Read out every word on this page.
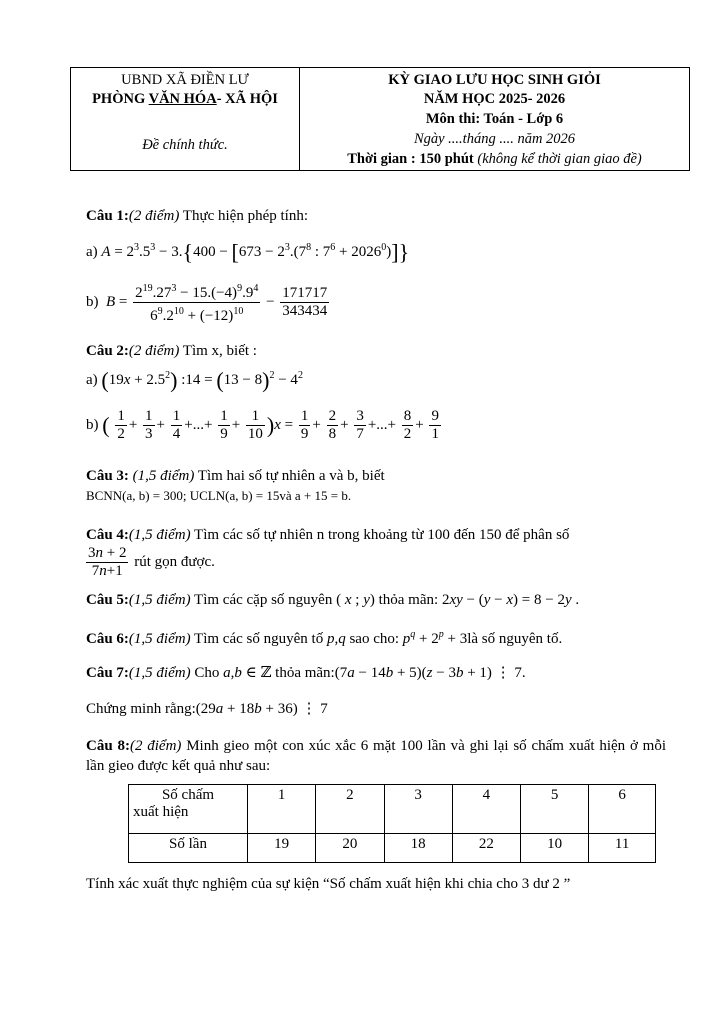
UBND XÃ ĐIỀN LƯ
PHÒNG VĂN HÓA- XÃ HỘI
Đề chính thức.
KỲ GIAO LƯU HỌC SINH GIỎI
NĂM HỌC 2025- 2026
Môn thi: Toán - Lớp 6
Ngày ....tháng .... năm 2026
Thời gian : 150 phút (không kể thời gian giao đề)
Câu 1:(2 điểm) Thực hiện phép tính:
a) $A = 2^3.5^3 - 3.\{400 - [673 - 2^3.(7^8$ : $7^6 + 2026^0$)]}
b)  $B = \frac{2^{19}.27^3 - 15.(-4)^9.9^4}{6^9.2^{10} + (-12)^{10}} - \frac{171717}{343434}$
Câu 2:(2 điểm) Tìm x, biết :
a) $(19x + 2.5^2)$ :14 = $(13 - 8)^2 - 4^2$
b) ( $\frac{1}{2} + \frac{1}{3} + \frac{1}{4}$ +...+ $\frac{1}{9} + \frac{1}{10} )x = \frac{1}{9} + \frac{2}{8} + \frac{3}{7}$ +...+ $\frac{8}{2} + \frac{9}{1}$
Câu 3: (1,5 điểm) Tìm hai số tự nhiên a và b, biết
BCNN(a, b) = 300; UCLN(a, b) = 15và a + 15 = b.
Câu 4:(1,5 điểm) Tìm các số tự nhiên n trong khoảng từ 100 đến 150 để phân số
$\frac{3n + 2}{7n+1}$ rút gọn được.
Câu 5:(1,5 điểm) Tìm các cặp số nguyên ( x ; y) thỏa mãn: 2xy − (y − x) = 8 − 2y .
Câu 6:(1,5 điểm) Tìm các số nguyên tố p,q sao cho: $p^q + 2^p$ + 3là số nguyên tố.
Câu 7:(1,5 điểm) Cho a,b ∈ ℤ thỏa mãn:(7a − 14b + 5)(z − 3b + 1) ⋮ 7.
Chứng minh rằng:(29a + 18b + 36) ⋮ 7
Câu 8:(2 điểm) Minh gieo một con xúc xắc 6 mặt 100 lần và ghi lại số chấm xuất hiện ở mỗi lần gieo được kết quả như sau:
Số chấm
xuất hiện	1	2	3	4	5	6
Số lần	19	20	18	22	10	11
Tính xác xuất thực nghiệm của sự kiện “Số chấm xuất hiện khi chia cho 3 dư 2 ”
